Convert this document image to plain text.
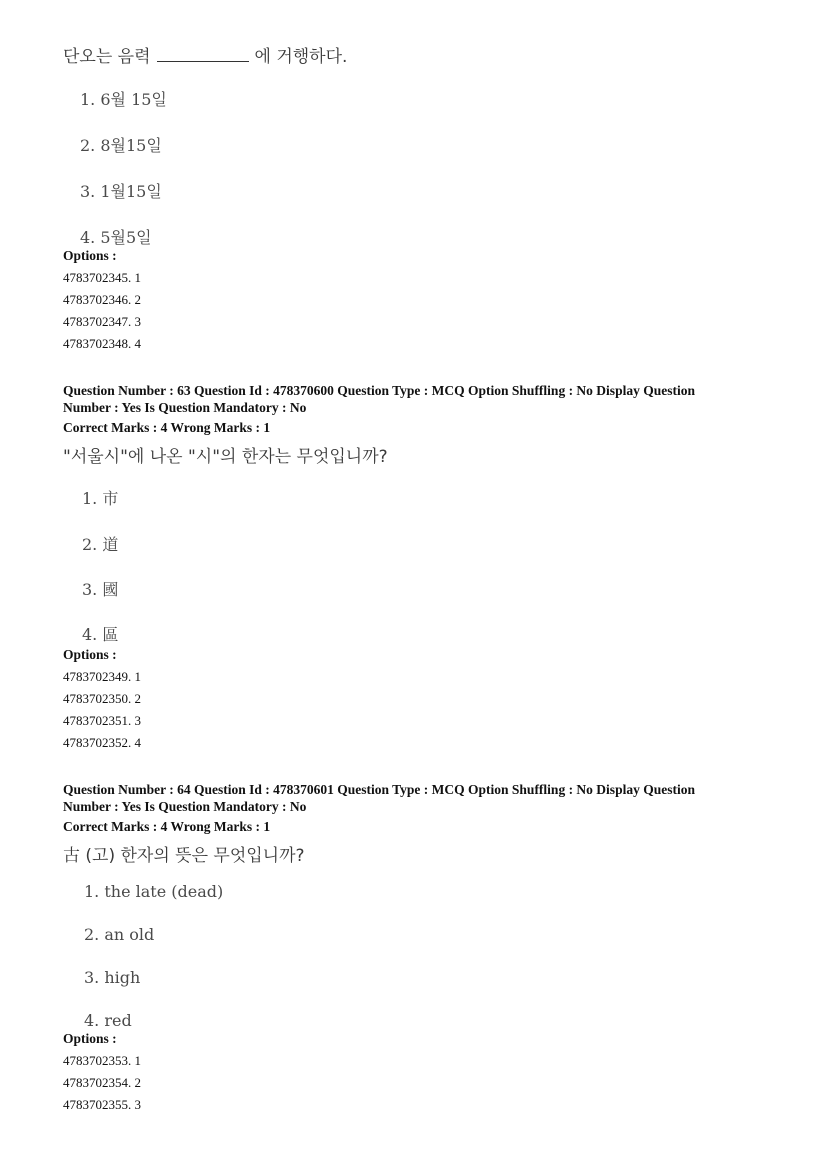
단오는 음력	에 거행하다.
1. 6월 15일
2. 8월15일
3. 1월15일
4. 5월5일
Options :
4783702345. 1
4783702346. 2
4783702347. 3
4783702348. 4
Question Number : 63 Question Id : 478370600 Question Type : MCQ Option Shuffling : No Display Question
Number : Yes Is Question Mandatory : No
Correct Marks : 4 Wrong Marks : 1
"서울시"에 나온 "시"의 한자는 무엇입니까?
1. 市
2. 道
3. 國
4. 區
Options :
4783702349. 1
4783702350. 2
4783702351. 3
4783702352. 4
Question Number : 64 Question Id : 478370601 Question Type : MCQ Option Shuffling : No Display Question
Number : Yes Is Question Mandatory : No
Correct Marks : 4 Wrong Marks : 1
古 (고) 한자의 뜻은 무엇입니까?
1. the late (dead)
2. an old
3. high
4. red
Options :
4783702353. 1
4783702354. 2
4783702355. 3
